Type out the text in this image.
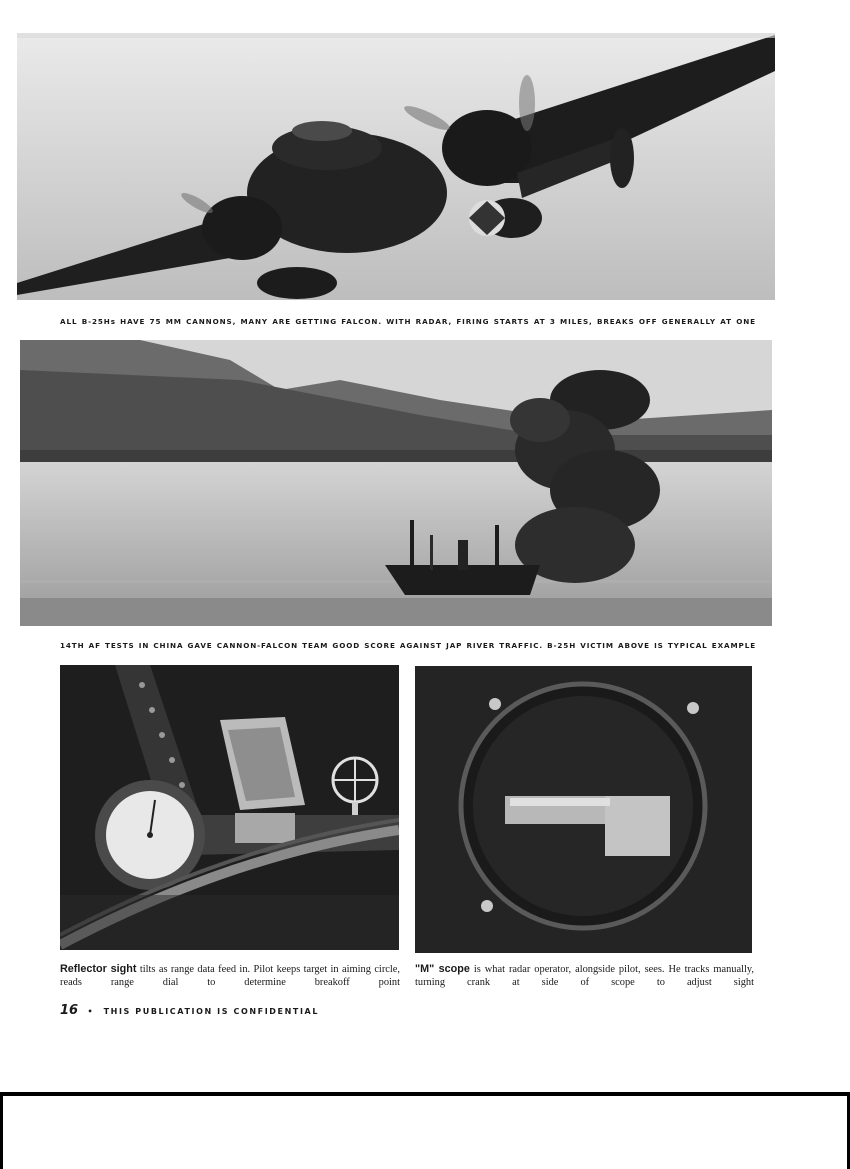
ALL B-25Hs HAVE 75 MM CANNONS, MANY ARE GETTING FALCON. WITH RADAR, FIRING STARTS AT 3 MILES, BREAKS OFF GENERALLY AT ONE
14TH AF TESTS IN CHINA GAVE CANNON-FALCON TEAM GOOD SCORE AGAINST JAP RIVER TRAFFIC. B-25H VICTIM ABOVE IS TYPICAL EXAMPLE
Reflector sight tilts as range data feed in. Pilot keeps target in aiming circle, reads range dial to determine breakoff point
"M" scope is what radar operator, alongside pilot, sees. He tracks manually, turning crank at side of scope to adjust sight
16 • THIS PUBLICATION IS CONFIDENTIAL
